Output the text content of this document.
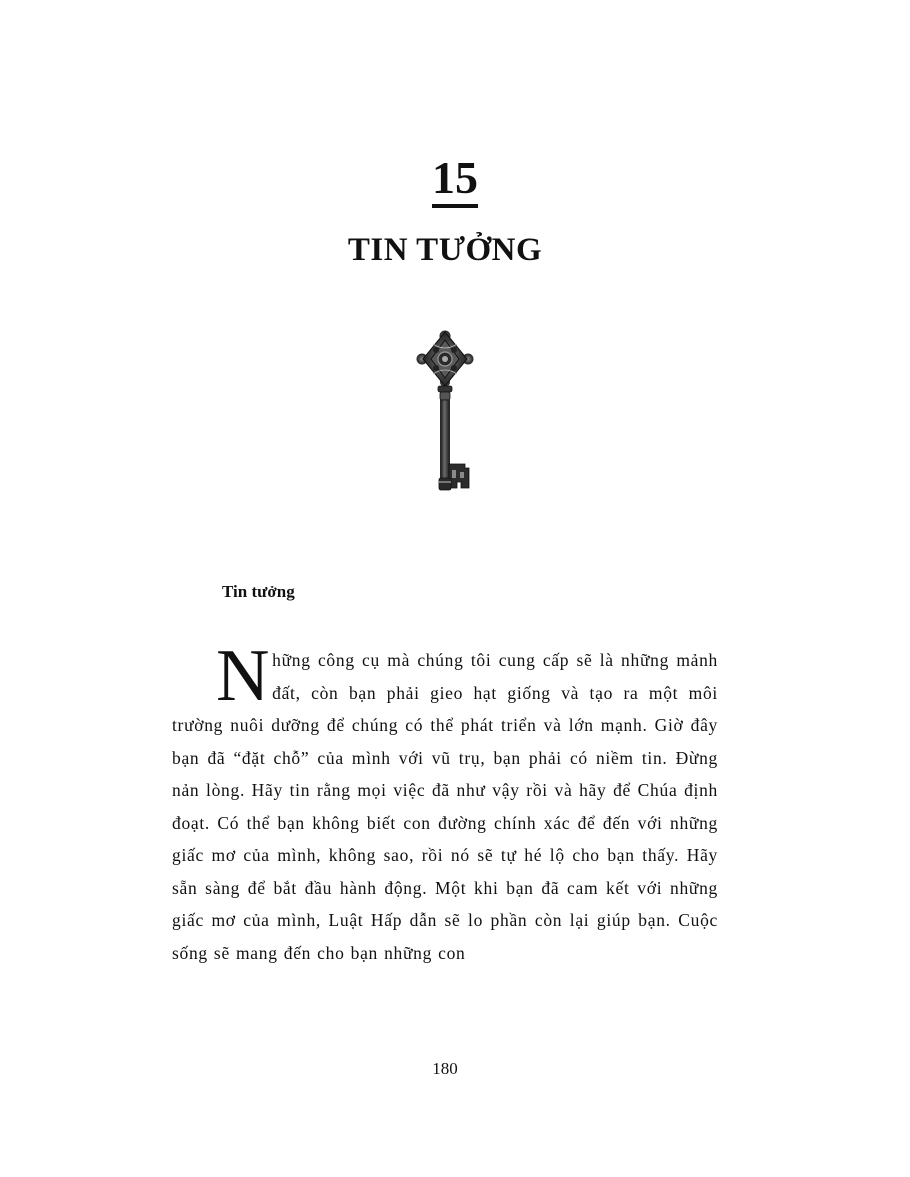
15
TIN TƯỞNG
Tin tưởng
Những công cụ mà chúng tôi cung cấp sẽ là những mảnh đất, còn bạn phải gieo hạt giống và tạo ra một môi trường nuôi dưỡng để chúng có thể phát triển và lớn mạnh. Giờ đây bạn đã “đặt chỗ” của mình với vũ trụ, bạn phải có niềm tin. Đừng nản lòng. Hãy tin rằng mọi việc đã như vậy rồi và hãy để Chúa định đoạt. Có thể bạn không biết con đường chính xác để đến với những giấc mơ của mình, không sao, rồi nó sẽ tự hé lộ cho bạn thấy. Hãy sẵn sàng để bắt đầu hành động. Một khi bạn đã cam kết với những giấc mơ của mình, Luật Hấp dẫn sẽ lo phần còn lại giúp bạn. Cuộc sống sẽ mang đến cho bạn những con
180
